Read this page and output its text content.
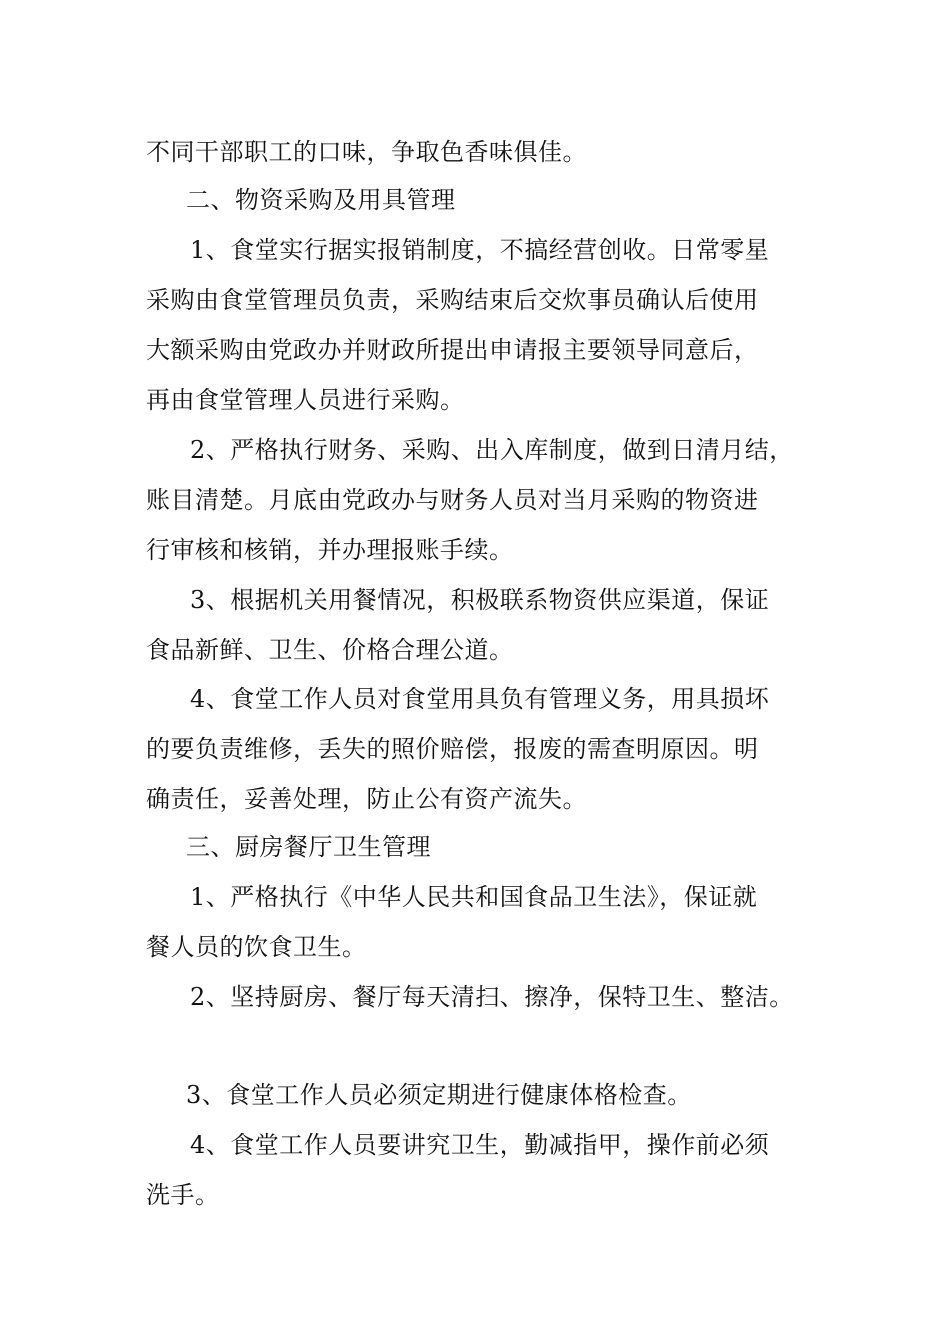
不同干部职工的口味，争取色香味俱佳。
二、物资采购及用具管理
1、食堂实行据实报销制度，不搞经营创收。日常零星
采购由食堂管理员负责，采购结束后交炊事员确认后使用
大额采购由党政办并财政所提出申请报主要领导同意后，
再由食堂管理人员进行采购。
2、严格执行财务、采购、出入库制度，做到日清月结，
账目清楚。月底由党政办与财务人员对当月采购的物资进
行审核和核销，并办理报账手续。
3、根据机关用餐情况，积极联系物资供应渠道，保证
食品新鲜、卫生、价格合理公道。
4、食堂工作人员对食堂用具负有管理义务，用具损坏
的要负责维修，丢失的照价赔偿，报废的需查明原因。明
确责任，妥善处理，防止公有资产流失。
三、厨房餐厅卫生管理
1、严格执行《中华人民共和国食品卫生法》，保证就
餐人员的饮食卫生。
2、坚持厨房、餐厅每天清扫、擦净，保特卫生、整洁。
3、食堂工作人员必须定期进行健康体格检查。
4、食堂工作人员要讲究卫生，勤减指甲，操作前必须
洗手。
